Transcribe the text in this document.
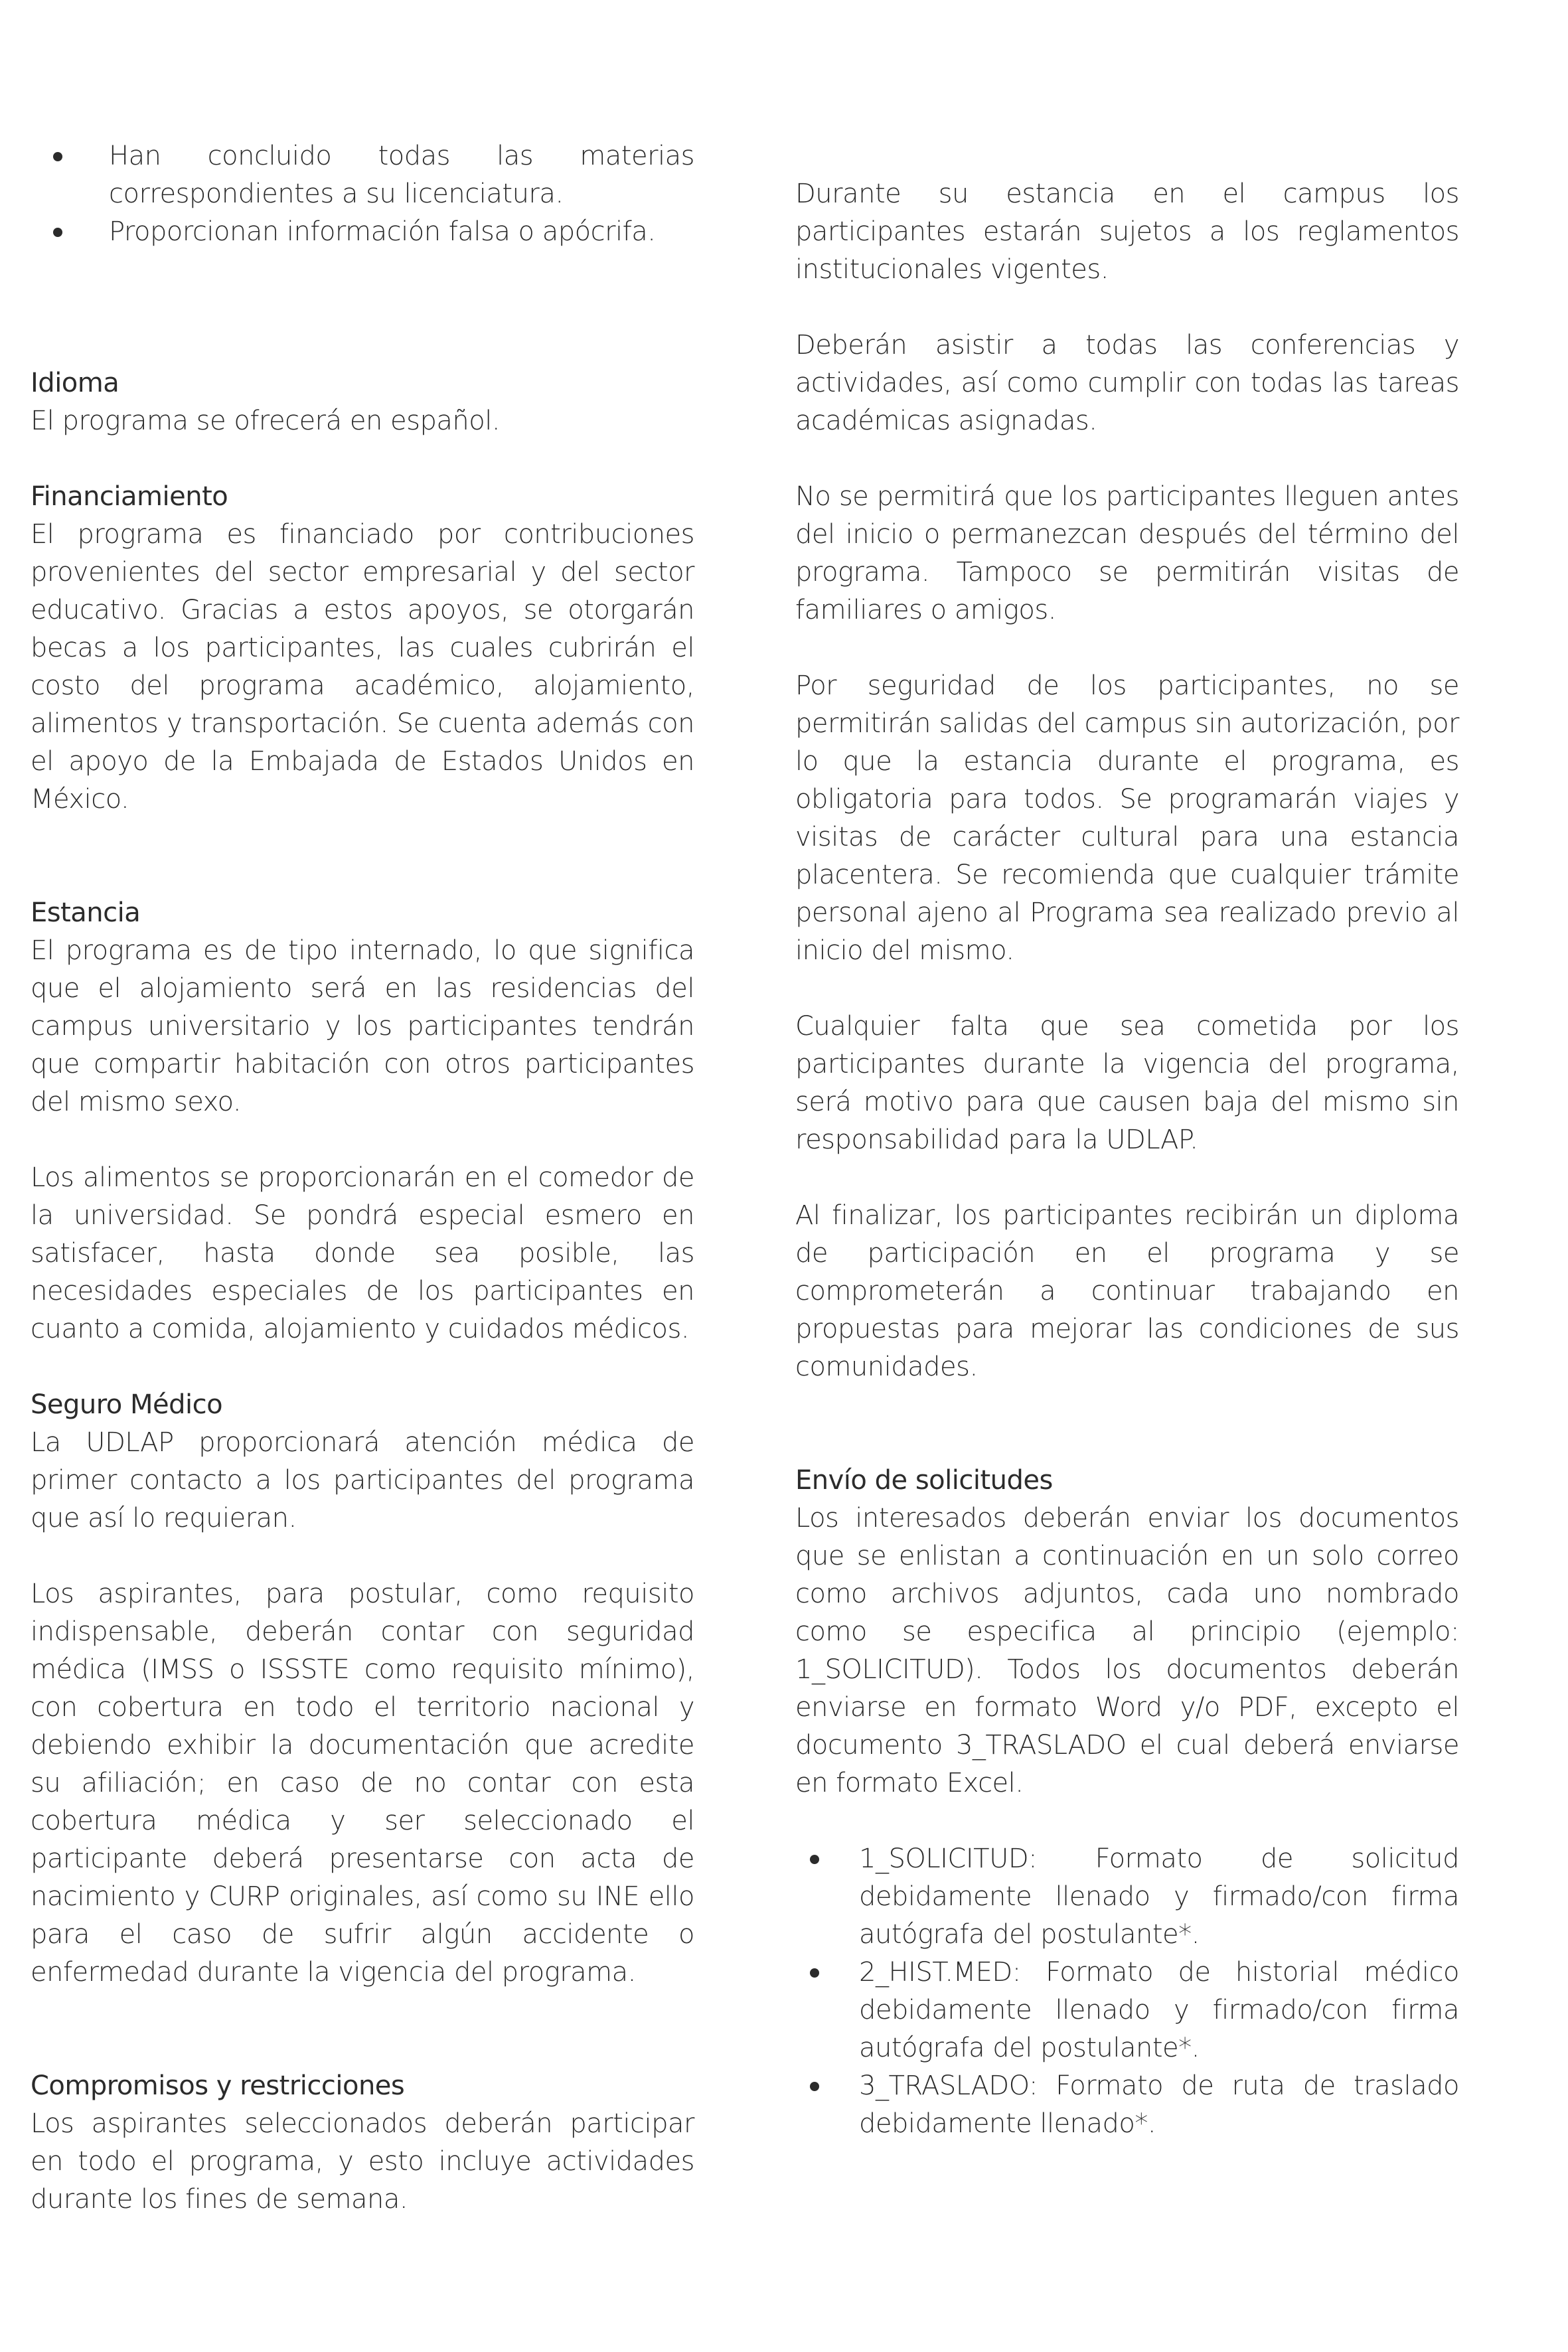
Han concluido todas las materias correspondientes a su licenciatura.
Proporcionan información falsa o apócrifa.
Idioma

El programa se ofrecerá en español.

Financiamiento

El programa es financiado por contribuciones provenientes del sector empresarial y del sector educativo. Gracias a estos apoyos, se otorgarán becas a los participantes, las cuales cubrirán el costo del programa académico, alojamiento, alimentos y transportación. Se cuenta además con el apoyo de la Embajada de Estados Unidos en México.

Estancia

El programa es de tipo internado, lo que significa que el alojamiento será en las residencias del campus universitario y los participantes tendrán que compartir habitación con otros participantes del mismo sexo.

Los alimentos se proporcionarán en el comedor de la universidad. Se pondrá especial esmero en satisfacer, hasta donde sea posible, las necesidades especiales de los participantes en cuanto a comida, alojamiento y cuidados médicos.

Seguro Médico

La UDLAP proporcionará atención médica de primer contacto a los participantes del programa que así lo requieran.

Los aspirantes, para postular, como requisito indispensable, deberán contar con seguridad médica (IMSS o ISSSTE como requisito mínimo), con cobertura en todo el territorio nacional y debiendo exhibir la documentación que acredite su afiliación; en caso de no contar con esta cobertura médica y ser seleccionado el participante deberá presentarse con acta de nacimiento y CURP originales, así como su INE ello para el caso de sufrir algún accidente o enfermedad durante la vigencia del programa.

Compromisos y restricciones

Los aspirantes seleccionados deberán participar en todo el programa, y esto incluye actividades durante los fines de semana.

Durante su estancia en el campus los participantes estarán sujetos a los reglamentos institucionales vigentes.

Deberán asistir a todas las conferencias y actividades, así como cumplir con todas las tareas académicas asignadas.

No se permitirá que los participantes lleguen antes del inicio o permanezcan después del término del programa. Tampoco se permitirán visitas de familiares o amigos.

Por seguridad de los participantes, no se permitirán salidas del campus sin autorización, por lo que la estancia durante el programa, es obligatoria para todos. Se programarán viajes y visitas de carácter cultural para una estancia placentera. Se recomienda que cualquier trámite personal ajeno al Programa sea realizado previo al inicio del mismo.

Cualquier falta que sea cometida por los participantes durante la vigencia del programa, será motivo para que causen baja del mismo sin responsabilidad para la UDLAP.

Al finalizar, los participantes recibirán un diploma de participación en el programa y se comprometerán a continuar trabajando en propuestas para mejorar las condiciones de sus comunidades.

Envío de solicitudes

Los interesados deberán enviar los documentos que se enlistan a continuación en un solo correo como archivos adjuntos, cada uno nombrado como se especifica al principio (ejemplo: 1_SOLICITUD). Todos los documentos deberán enviarse en formato Word y/o PDF, excepto el documento 3_TRASLADO el cual deberá enviarse en formato Excel.

1_SOLICITUD: Formato de solicitud debidamente llenado y firmado/con firma autógrafa del postulante*.
2_HIST.MED: Formato de historial médico debidamente llenado y firmado/con firma autógrafa del postulante*.
3_TRASLADO: Formato de ruta de traslado debidamente llenado*.
